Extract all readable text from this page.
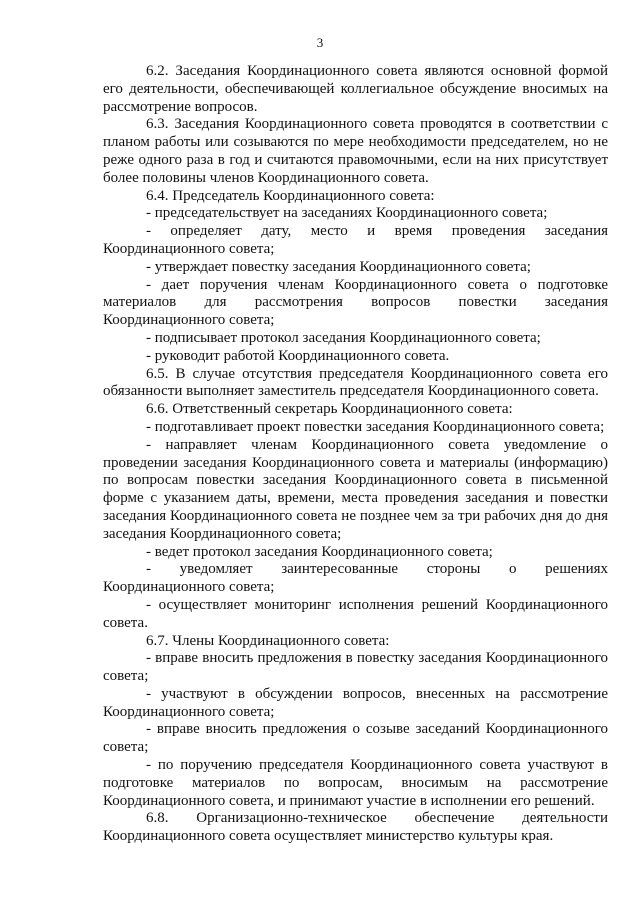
3

6.2. Заседания Координационного совета являются основной формой его деятельности, обеспечивающей коллегиальное обсуждение вносимых на рассмотрение вопросов.

6.3. Заседания Координационного совета проводятся в соответствии с планом работы или созываются по мере необходимости председателем, но не реже одного раза в год и считаются правомочными, если на них присутствует более половины членов Координационного совета.

6.4. Председатель Координационного совета:

- председательствует на заседаниях Координационного совета;

- определяет дату, место и время проведения заседания Координационного совета;

- утверждает повестку заседания Координационного совета;

- дает поручения членам Координационного совета о подготовке материалов для рассмотрения вопросов повестки заседания Координационного совета;

- подписывает протокол заседания Координационного совета;

- руководит работой Координационного совета.

6.5. В случае отсутствия председателя Координационного совета его обязанности выполняет заместитель председателя Координационного совета.

6.6. Ответственный секретарь Координационного совета:

- подготавливает проект повестки заседания Координационного совета;

- направляет членам Координационного совета уведомление о проведении заседания Координационного совета и материалы (информацию) по вопросам повестки заседания Координационного совета в письменной форме с указанием даты, времени, места проведения заседания и повестки заседания Координационного совета не позднее чем за три рабочих дня до дня заседания Координационного совета;

- ведет протокол заседания Координационного совета;

- уведомляет заинтересованные стороны о решениях Координационного совета;

- осуществляет мониторинг исполнения решений Координационного совета.

6.7. Члены Координационного совета:

- вправе вносить предложения в повестку заседания Координационного совета;

- участвуют в обсуждении вопросов, внесенных на рассмотрение Координационного совета;

- вправе вносить предложения о созыве заседаний Координационного совета;

- по поручению председателя Координационного совета участвуют в подготовке материалов по вопросам, вносимым на рассмотрение Координационного совета, и принимают участие в исполнении его решений.

6.8. Организационно-техническое обеспечение деятельности Координационного совета осуществляет министерство культуры края.
